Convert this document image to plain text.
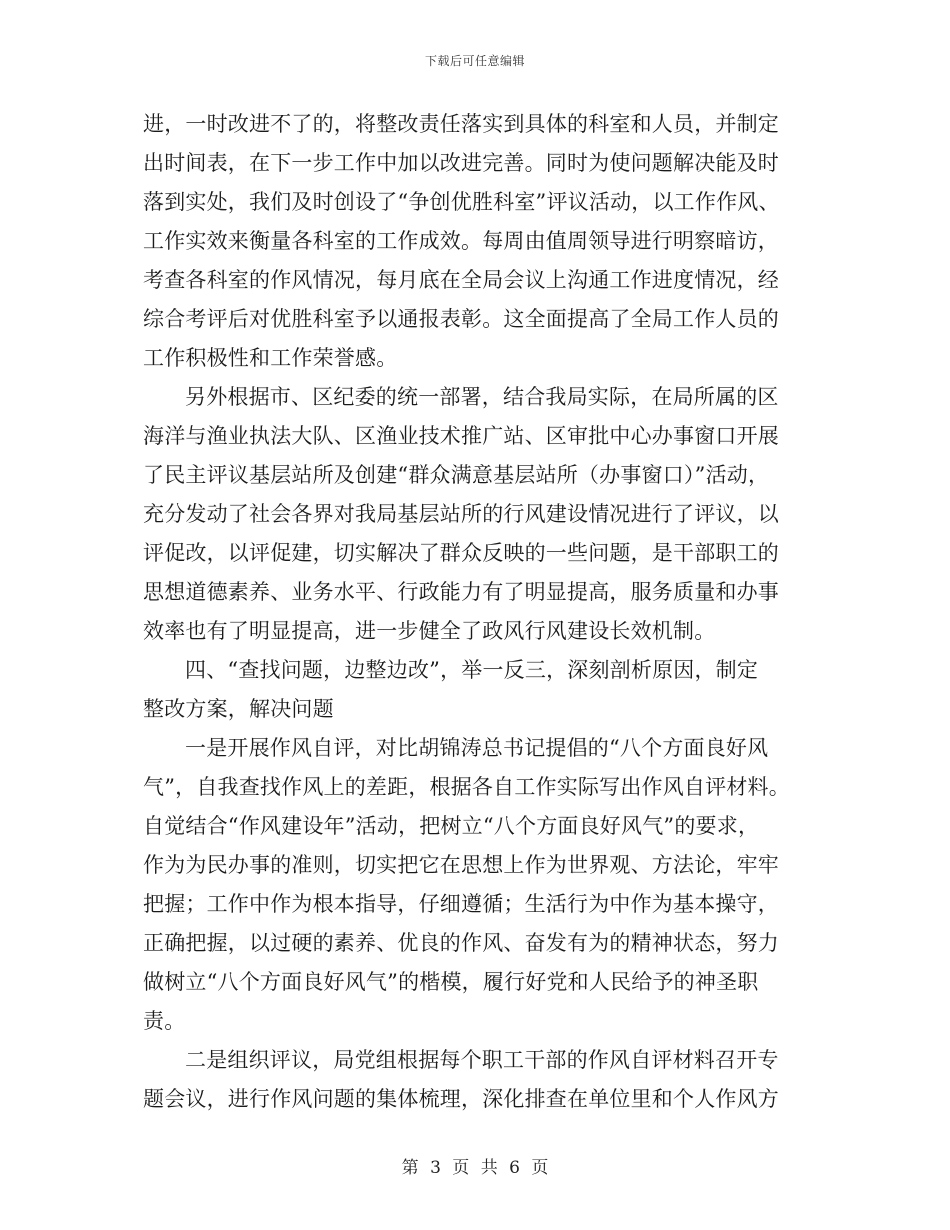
下载后可任意编辑
进，一时改进不了的，将整改责任落实到具体的科室和人员，并制定
出时间表，在下一步工作中加以改进完善。同时为使问题解决能及时
落到实处，我们及时创设了“争创优胜科室”评议活动，以工作作风、
工作实效来衡量各科室的工作成效。每周由值周领导进行明察暗访，
考查各科室的作风情况，每月底在全局会议上沟通工作进度情况，经
综合考评后对优胜科室予以通报表彰。这全面提高了全局工作人员的
工作积极性和工作荣誉感。
另外根据市、区纪委的统一部署，结合我局实际，在局所属的区
海洋与渔业执法大队、区渔业技术推广站、区审批中心办事窗口开展
了民主评议基层站所及创建“群众满意基层站所（办事窗口）”活动，
充分发动了社会各界对我局基层站所的行风建设情况进行了评议，以
评促改，以评促建，切实解决了群众反映的一些问题，是干部职工的
思想道德素养、业务水平、行政能力有了明显提高，服务质量和办事
效率也有了明显提高，进一步健全了政风行风建设长效机制。
四、“查找问题，边整边改”，举一反三，深刻剖析原因，制定
整改方案，解决问题
一是开展作风自评，对比胡锦涛总书记提倡的“八个方面良好风
气”，自我查找作风上的差距，根据各自工作实际写出作风自评材料。
自觉结合“作风建设年”活动，把树立“八个方面良好风气”的要求，
作为为民办事的准则，切实把它在思想上作为世界观、方法论，牢牢
把握；工作中作为根本指导，仔细遵循；生活行为中作为基本操守，
正确把握，以过硬的素养、优良的作风、奋发有为的精神状态，努力
做树立“八个方面良好风气”的楷模，履行好党和人民给予的神圣职
责。
二是组织评议，局党组根据每个职工干部的作风自评材料召开专
题会议，进行作风问题的集体梳理，深化排查在单位里和个人作风方
第 3 页 共 6 页
